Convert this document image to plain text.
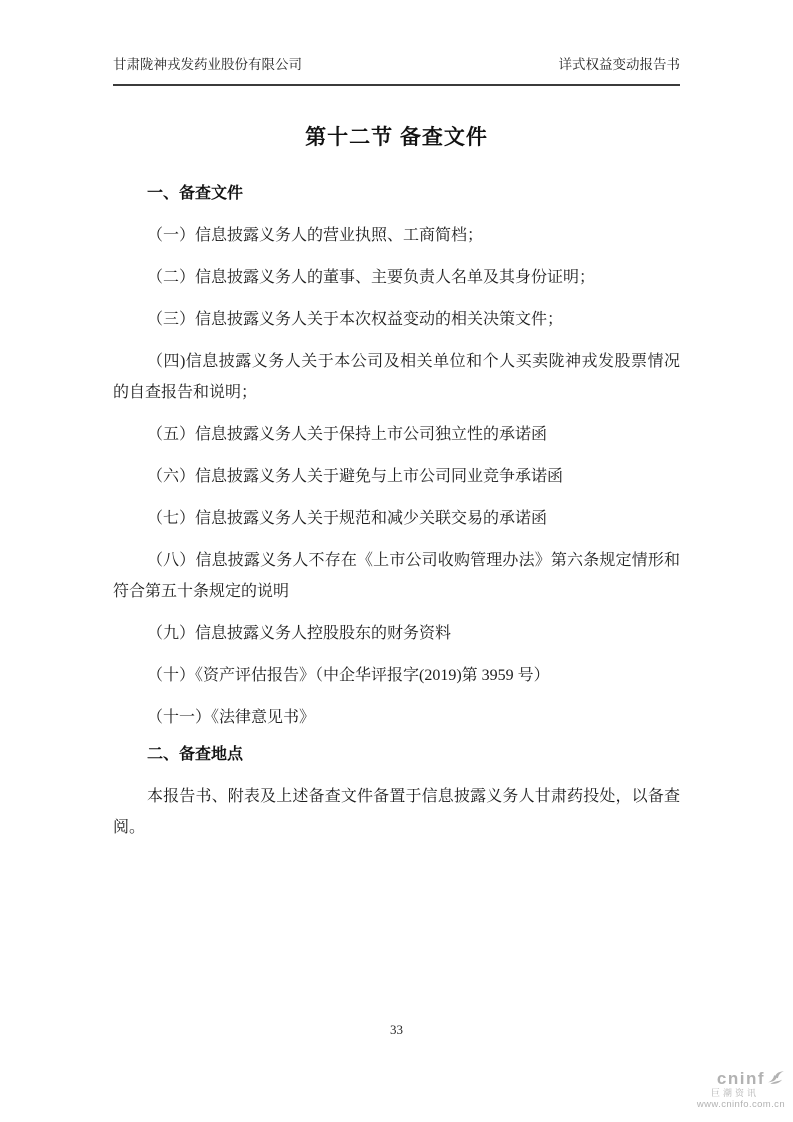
甘肃陇神戎发药业股份有限公司	详式权益变动报告书
第十二节 备查文件
一、备查文件

（一）信息披露义务人的营业执照、工商简档；

（二）信息披露义务人的董事、主要负责人名单及其身份证明；

（三）信息披露义务人关于本次权益变动的相关决策文件；

（四)信息披露义务人关于本公司及相关单位和个人买卖陇神戎发股票情况的自查报告和说明；

（五）信息披露义务人关于保持上市公司独立性的承诺函

（六）信息披露义务人关于避免与上市公司同业竞争承诺函

（七）信息披露义务人关于规范和减少关联交易的承诺函

（八）信息披露义务人不存在《上市公司收购管理办法》第六条规定情形和符合第五十条规定的说明

（九）信息披露义务人控股股东的财务资料

（十）《资产评估报告》（中企华评报字(2019)第 3959 号）

（十一）《法律意见书》

二、备查地点

本报告书、附表及上述备查文件备置于信息披露义务人甘肃药投处，以备查阅。

33
cninf
巨潮资讯
www.cninfo.com.cn
